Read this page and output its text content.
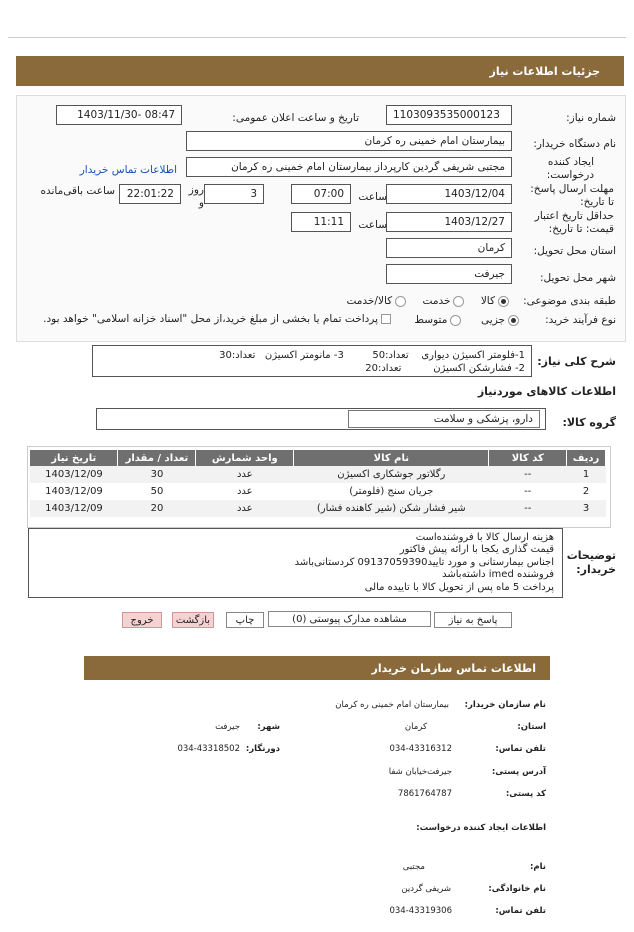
جزئیات اطلاعات نیاز
شماره نیاز:
1103093535000123
تاریخ و ساعت اعلان عمومی:
1403/11/30- 08:47
نام دستگاه خریدار:
بیمارستان امام خمینی ره کرمان
ایجاد کننده درخواست:
مجتبی شریفی گردین کارپرداز بیمارستان امام خمینی ره کرمان
اطلاعات تماس خریدار
مهلت ارسال پاسخ: تا تاریخ:
1403/12/04
ساعت
07:00
3
روز و
22:01:22
ساعت باقی‌مانده
حداقل تاریخ اعتبار قیمت: تا تاریخ:
1403/12/27
ساعت
11:11
استان محل تحویل:
کرمان
شهر محل تحویل:
جیرفت
طبقه بندی موضوعی:
کالا    خدمت    کالا/خدمت
نوع فرآیند خرید:
جزیی     متوسط
پرداخت تمام یا بخشی از مبلغ خرید،از محل "اسناد خزانه اسلامی" خواهد بود.
شرح کلی نیاز:
1-فلومتر اکسیژن دیواری    تعداد:50         3- مانومتر اکسیژن   تعداد:30
2- فشارشکن اکسیژن          تعداد:20
اطلاعات کالاهای موردنیاز
گروه کالا:
دارو، پزشکی و سلامت
ردیف	کد کالا	نام کالا	واحد شمارش	تعداد / مقدار	تاریخ نیاز
1	--	رگلاتور جوشکاری اکسیژن	عدد	30	1403/12/09
2	--	جریان سنج (فلومتر)	عدد	50	1403/12/09
3	--	شیر فشار شکن (شیر کاهنده فشار)	عدد	20	1403/12/09
توضیحات خریدار:
هزینه ارسال کالا با فروشنده‌است
قیمت گذاری یکجا با ارائه پیش فاکتور
اجناس بیمارستانی و مورد تایید09137059390 کردستانی‌باشد
فروشنده imed داشته‌باشد
پرداخت 5 ماه پس از تحویل کالا با تاییده مالی
پاسخ به نیاز
مشاهده مدارک پیوستی (0)
چاپ
بازگشت
خروج
اطلاعات تماس سازمان خریدار
نام سازمان خریدار:
بیمارستان امام خمینی ره کرمان
استان:
کرمان
شهر:
جیرفت
تلفن تماس:
034-43316312
دورنگار:
034-43318502
آدرس پستی:
جیرفت‌خیابان شفا
کد پستی:
7861764787
اطلاعات ایجاد کننده درخواست:
نام:
مجتبی
نام خانوادگی:
شریفی گردین
تلفن تماس:
034-43319306
